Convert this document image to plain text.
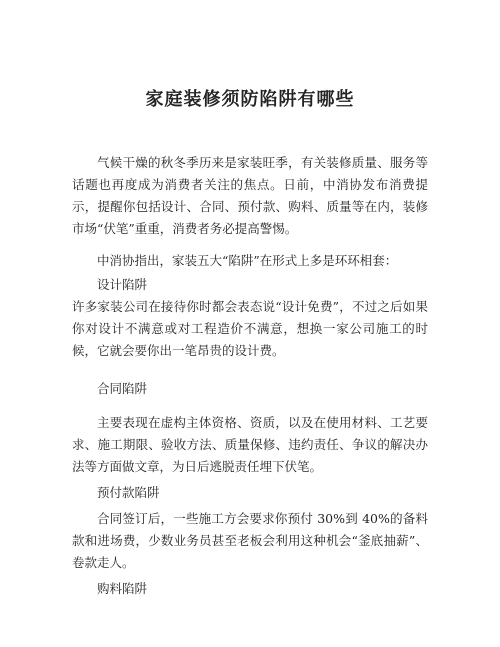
家庭装修须防陷阱有哪些

气候干燥的秋冬季历来是家装旺季，有关装修质量、服务等话题也再度成为消费者关注的焦点。日前，中消协发布消费提示，提醒你包括设计、合同、预付款、购料、质量等在内，装修市场“伏笔”重重，消费者务必提高警惕。

中消协指出，家装五大“陷阱”在形式上多是环环相套：

设计陷阱

许多家装公司在接待你时都会表态说“设计免费”，不过之后如果你对设计不满意或对工程造价不满意，想换一家公司施工的时候，它就会要你出一笔昂贵的设计费。

合同陷阱

主要表现在虚构主体资格、资质，以及在使用材料、工艺要求、施工期限、验收方法、质量保修、违约责任、争议的解决办法等方面做文章，为日后逃脱责任埋下伏笔。

预付款陷阱

合同签订后，一些施工方会要求你预付 30%到 40%的备料款和进场费，少数业务员甚至老板会利用这种机会“釜底抽薪”、卷款走人。

购料陷阱
